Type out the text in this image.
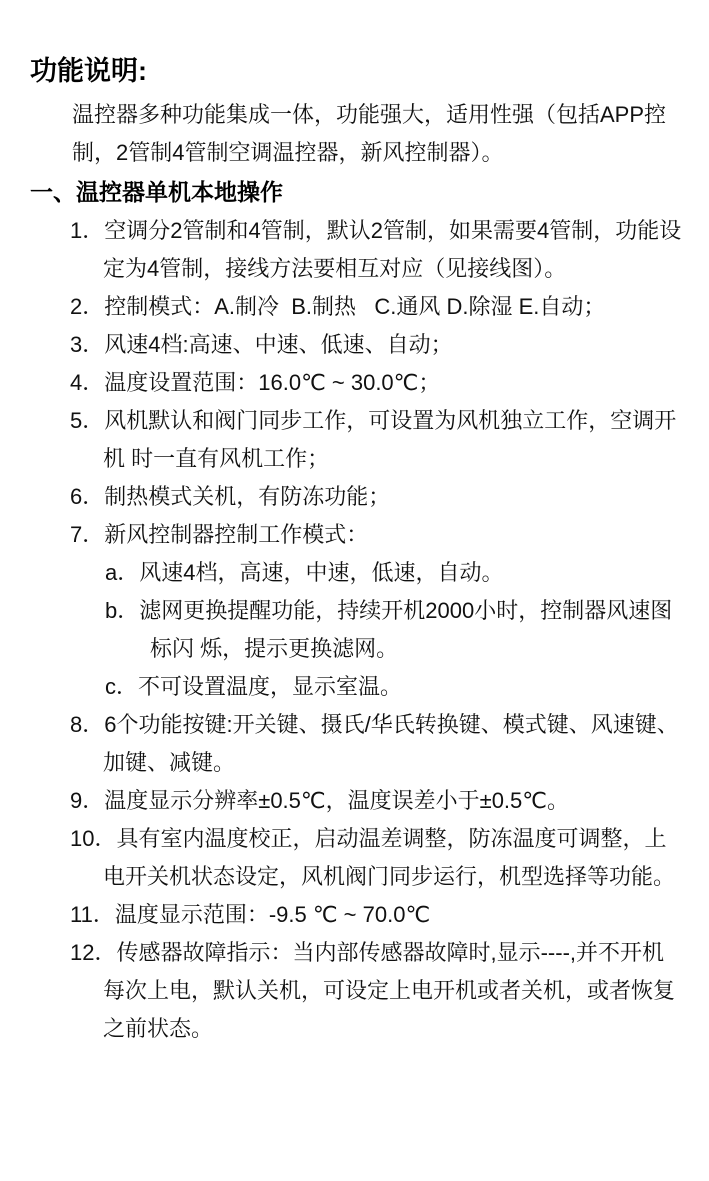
功能说明:

温控器多种功能集成一体，功能强大，适用性强（包括APP控制，2管制4管制空调温控器，新风控制器）。

一、温控器单机本地操作
1．空调分2管制和4管制，默认2管制，如果需要4管制，功能设定为4管制，接线方法要相互对应（见接线图）。
2．控制模式：A.制冷  B.制热   C.通风 D.除湿 E.自动；
3．风速4档:高速、中速、低速、自动；
4．温度设置范围：16.0℃ ~ 30.0℃；
5．风机默认和阀门同步工作，可设置为风机独立工作，空调开机 时一直有风机工作；
6．制热模式关机，有防冻功能；
7．新风控制器控制工作模式：
a．风速4档，高速，中速，低速，自动。
b．滤网更换提醒功能，持续开机2000小时，控制器风速图标闪 烁，提示更换滤网。
c．不可设置温度，显示室温。
8．6个功能按键:开关键、摄氏/华氏转换键、模式键、风速键、加键、减键。
9．温度显示分辨率±0.5℃，温度误差小于±0.5℃。
10．具有室内温度校正，启动温差调整，防冻温度可调整，上电开关机状态设定，风机阀门同步运行，机型选择等功能。
11．温度显示范围：-9.5 ℃ ~ 70.0℃
12．传感器故障指示：当内部传感器故障时,显示----,并不开机每次上电，默认关机，可设定上电开机或者关机，或者恢复之前状态。
